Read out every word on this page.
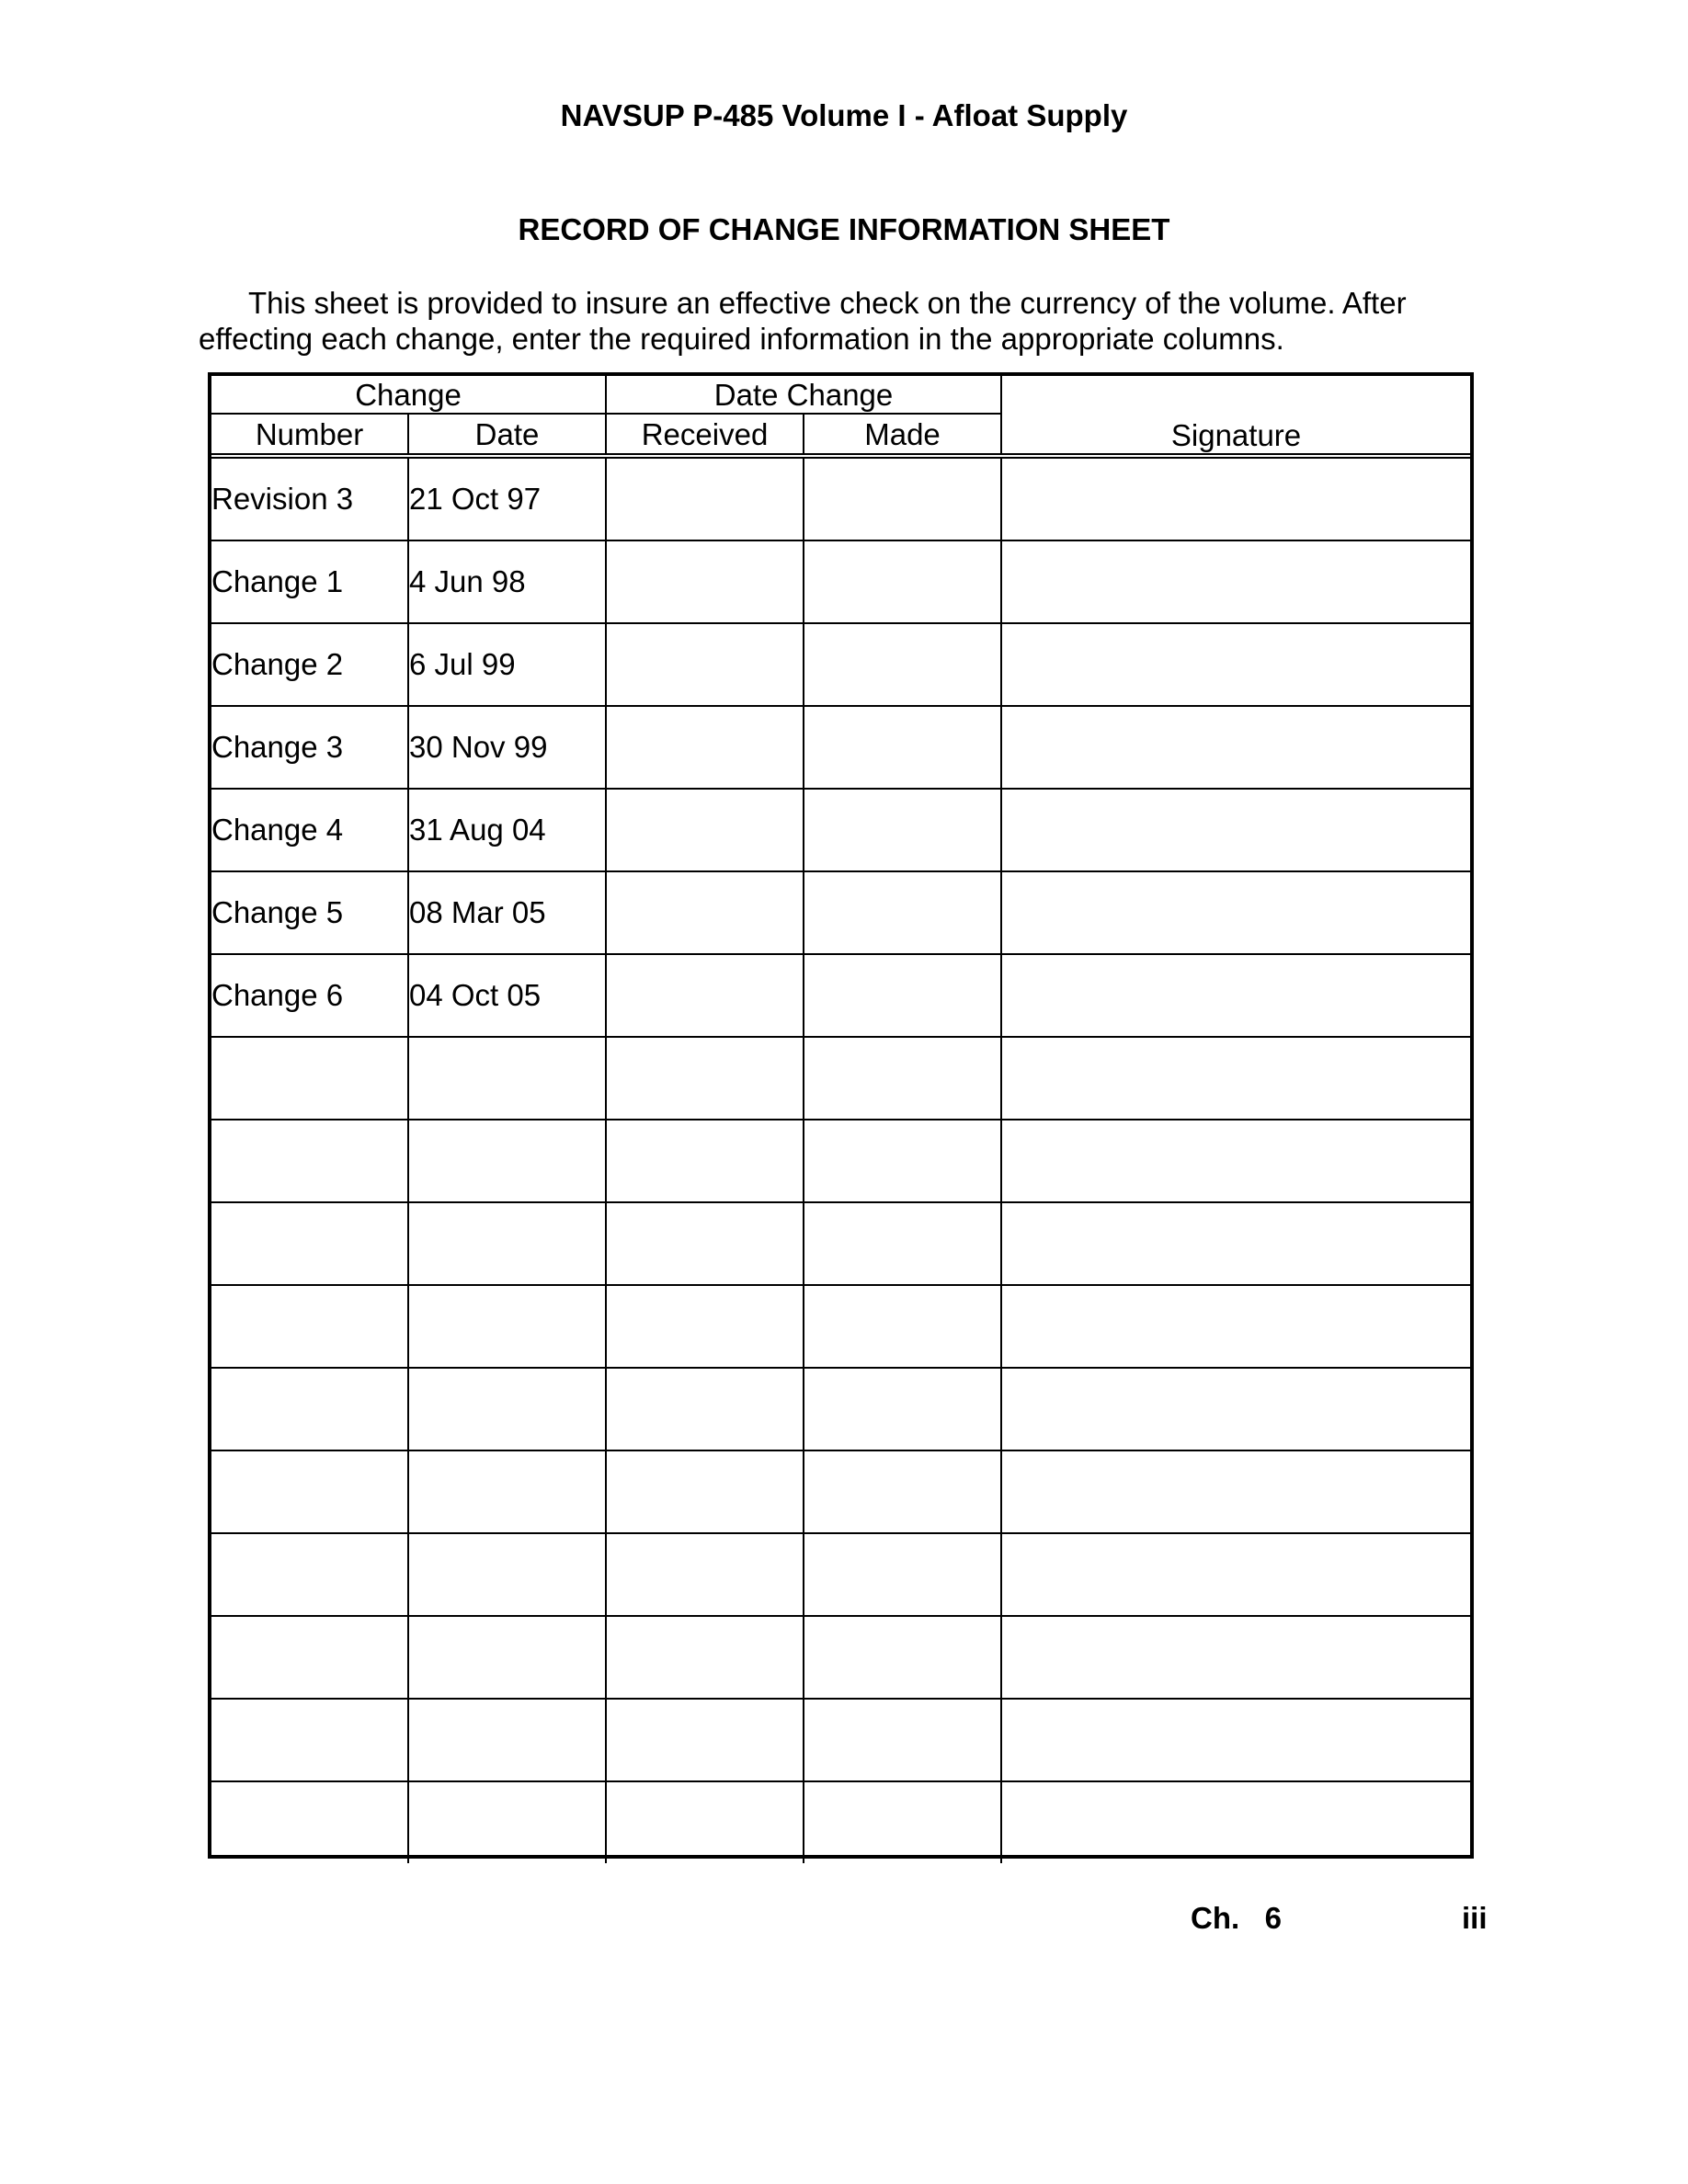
NAVSUP P-485 Volume I - Afloat Supply
RECORD OF CHANGE INFORMATION SHEET

This sheet is provided to insure an effective check on the currency of the volume. After effecting each change, enter the required information in the appropriate columns.

Change		Date Change		Signature
Number	Date	Received	Made	
Revision 3	21 Oct 97			
Change 1	4 Jun 98			
Change 2	6 Jul 99			
Change 3	30 Nov 99			
Change 4	31 Aug 04			
Change 5	08 Mar 05			
Change 6	04 Oct 05			

Ch.   6	iii
